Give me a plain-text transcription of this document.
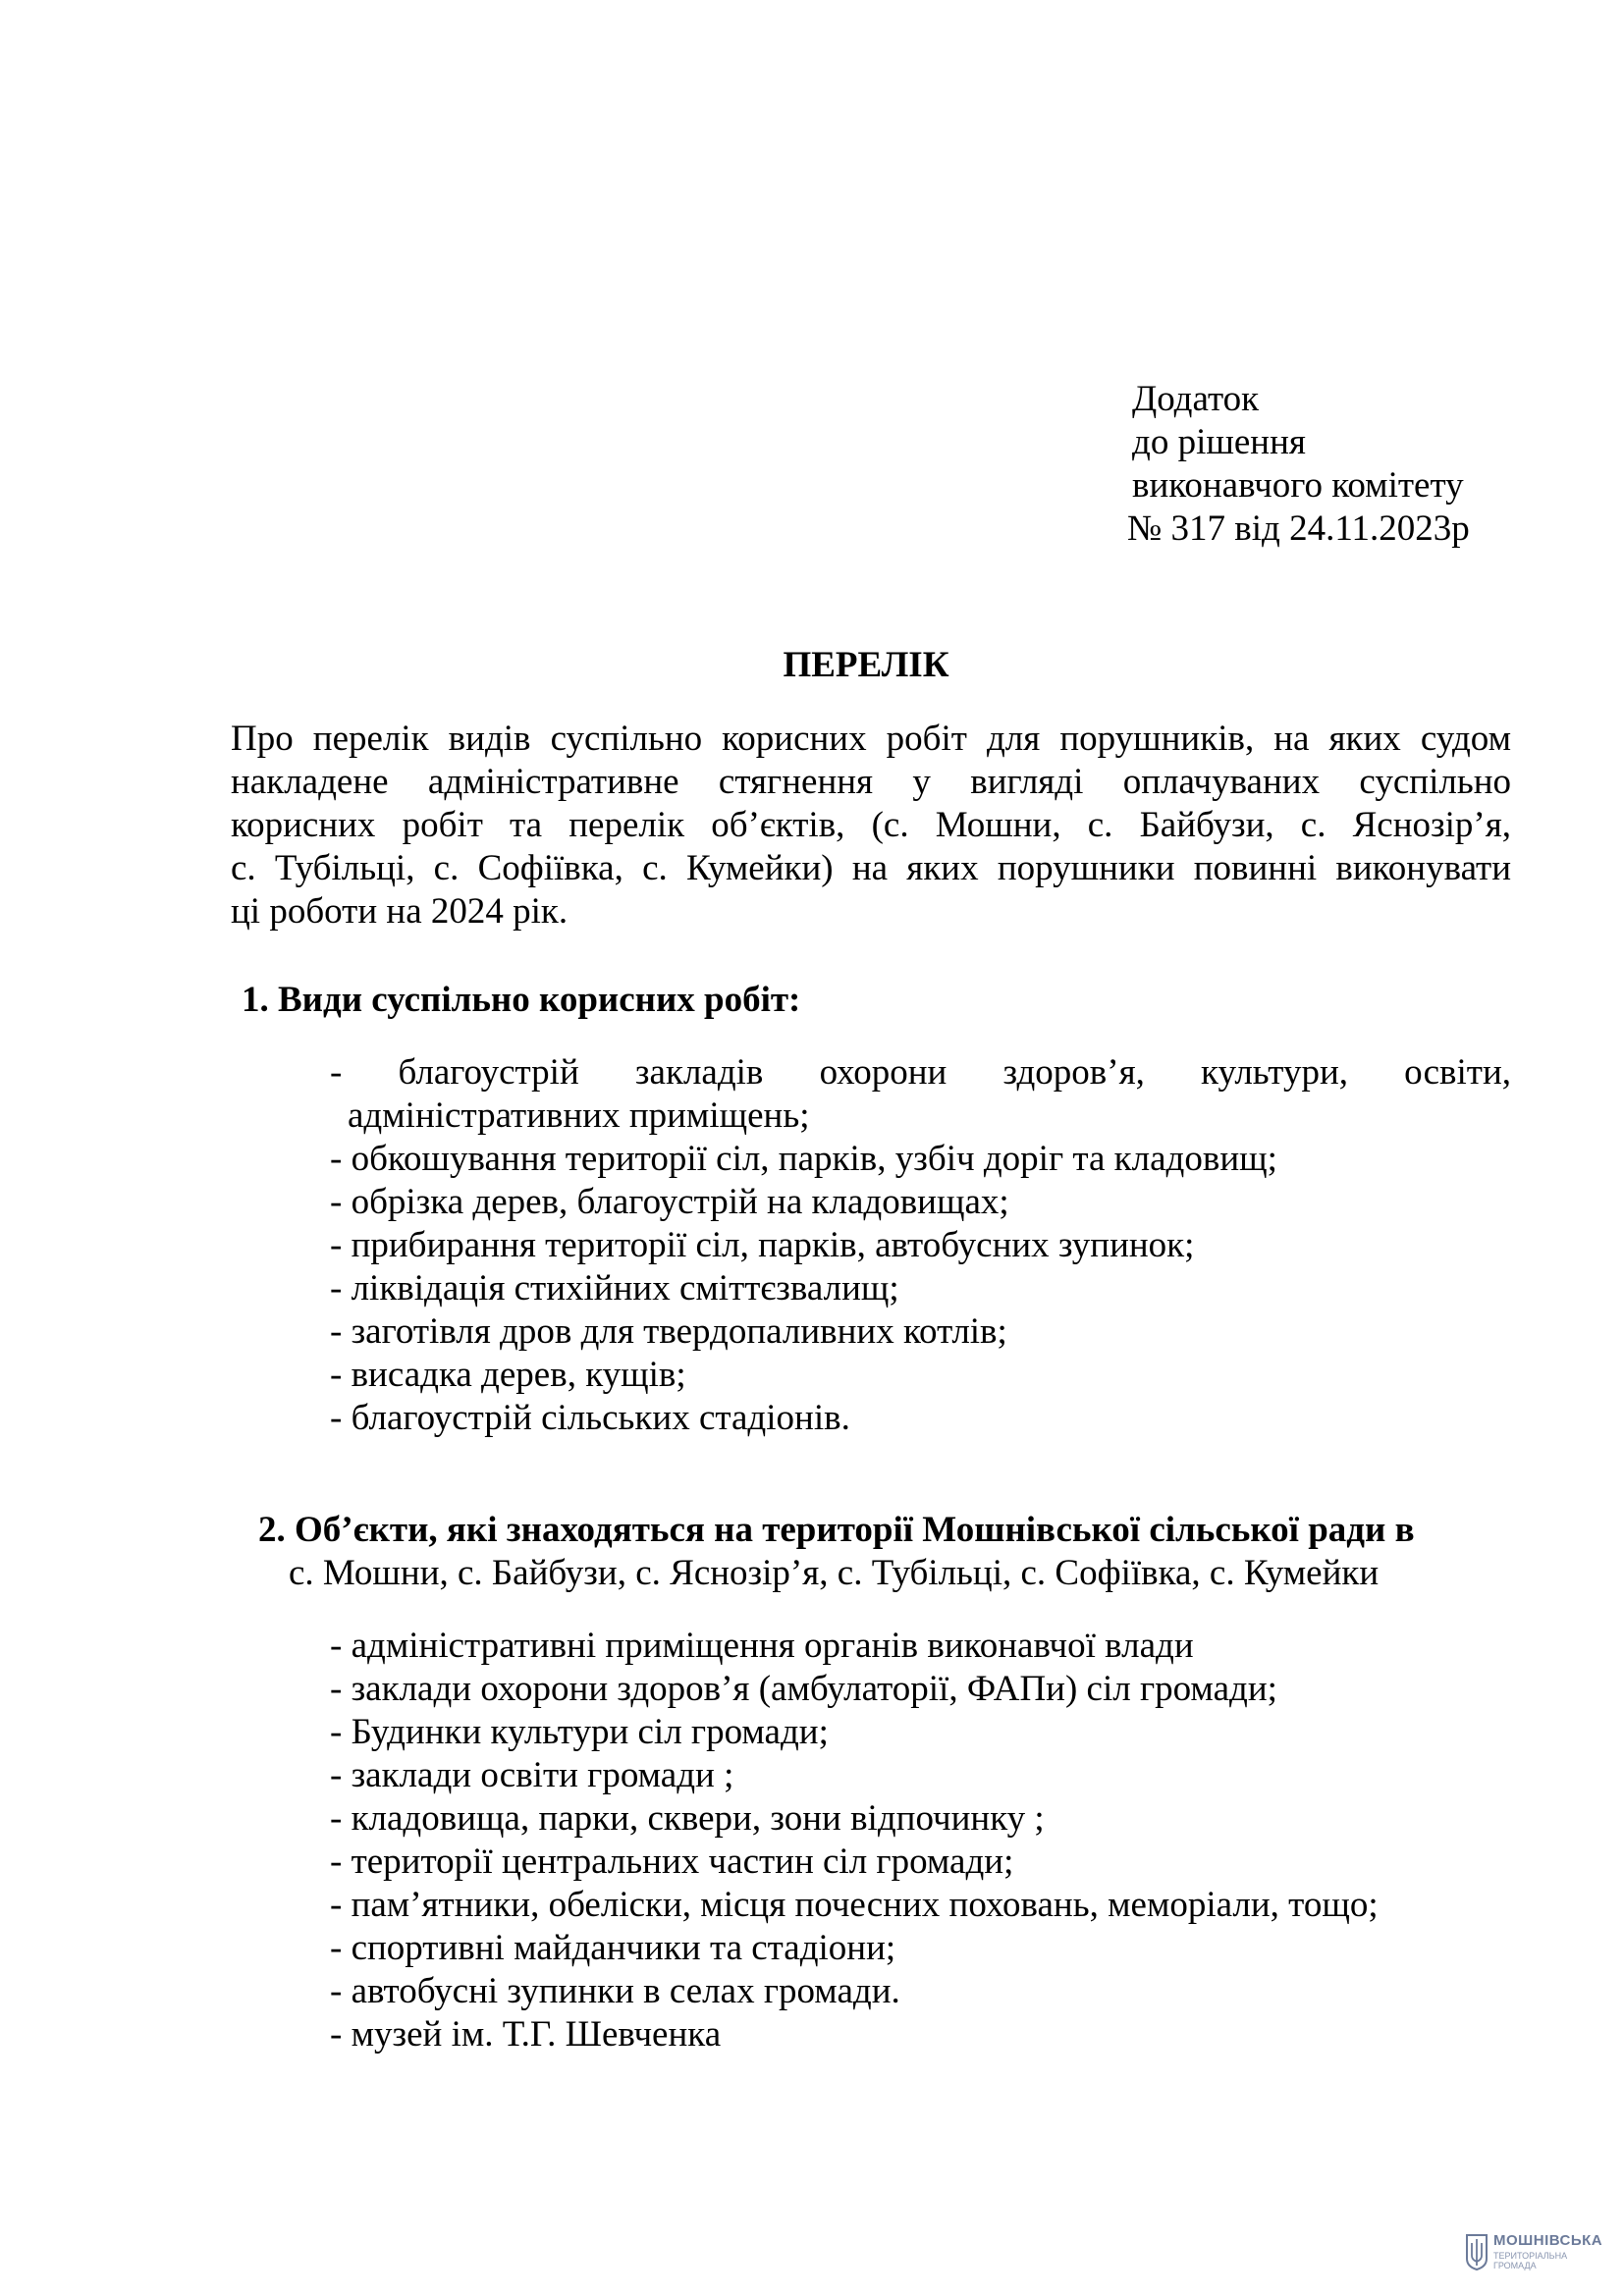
Додаток
до рішення
виконавчого комітету
№ 317 від 24.11.2023р
ПЕРЕЛІК
Про перелік видів суспільно корисних робіт для порушників, на яких судом
накладене адміністративне стягнення у вигляді оплачуваних суспільно
корисних робіт та перелік об’єктів, (с. Мошни, с. Байбузи, с. Яснозір’я,
с. Тубільці, с. Софіївка, с. Кумейки) на яких порушники повинні виконувати
ці роботи на 2024 рік.
1. Види суспільно корисних робіт:
- благоустрій закладів охорони здоров’я, культури, освіти,
адміністративних приміщень;
- обкошування території сіл, парків, узбіч доріг та кладовищ;
- обрізка дерев, благоустрій на кладовищах;
- прибирання території сіл, парків, автобусних зупинок;
- ліквідація стихійних сміттєзвалищ;
- заготівля дров для твердопаливних котлів;
- висадка дерев, кущів;
- благоустрій сільських стадіонів.
2. Об’єкти, які знаходяться на території Мошнівської сільської ради в
с. Мошни, с. Байбузи, с. Яснозір’я, с. Тубільці, с. Софіївка, с. Кумейки
- адміністративні приміщення органів виконавчої влади
- заклади охорони здоров’я (амбулаторії, ФАПи) сіл громади;
- Будинки культури сіл громади;
- заклади освіти громади ;
- кладовища, парки, сквери, зони відпочинку ;
- території центральних частин сіл громади;
- пам’ятники, обеліски, місця почесних поховань, меморіали, тощо;
- спортивні майданчики та стадіони;
- автобусні зупинки в селах громади.
- музей ім. Т.Г. Шевченка
МОШНІВСЬКА
ТЕРИТОРІАЛЬНА
ГРОМАДА
